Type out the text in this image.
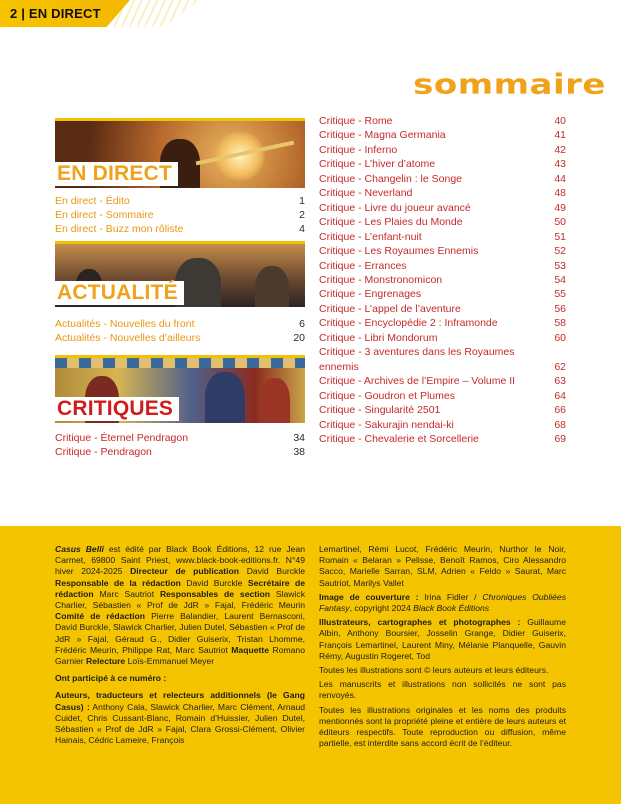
2 | EN DIRECT
sommaire
EN DIRECT
En direct - Édito	1
En direct - Sommaire	2
En direct - Buzz mon rôliste	4
ACTUALITÉ
Actualités - Nouvelles du front	6
Actualités - Nouvelles d’ailleurs	20
CRITIQUES
Critique - Éternel Pendragon	34
Critique - Pendragon	38
Critique - Rome	40
Critique - Magna Germania	41
Critique - Inferno	42
Critique - L’hiver d’atome	43
Critique - Changelin : le Songe	44
Critique - Neverland	48
Critique - Livre du joueur avancé	49
Critique - Les Plaies du Monde	50
Critique - L’enfant-nuit	51
Critique - Les Royaumes Ennemis	52
Critique - Errances	53
Critique - Monstronomicon	54
Critique - Engrenages	55
Critique - L’appel de l’aventure	56
Critique - Encyclopédie 2 : Inframonde	58
Critique - Libri Mondorum	60
Critique - 3 aventures dans les Royaumes ennemis	62
Critique - Archives de l’Empire – Volume II	63
Critique - Goudron et Plumes	64
Critique - Singularité 2501	66
Critique - Sakurajin nendai-ki	68
Critique - Chevalerie et Sorcellerie	69

Casus Belli est édité par Black Book Éditions, 12 rue Jean Carmet, 69800 Saint Priest, www.black-book-editions.fr. N°49 hiver 2024-2025 Directeur de publication David Burckle Responsable de la rédaction David Burckle Secrétaire de rédaction Marc Sautriot Responsables de section Slawick Charlier, Sébastien « Prof de JdR » Fajal, Frédéric Meurin Comité de rédaction Pierre Balandier, Laurent Bernasconi, David Burckle, Slawick Charlier, Julien Dutel, Sébastien « Prof de JdR » Fajal, Géraud G., Didier Guiserix, Tristan Lhomme, Frédéric Meurin, Philippe Rat, Marc Sautriot Maquette Romano Garnier Relecture Loïs-Emmanuel Meyer

Ont participé à ce numéro :

Auteurs, traducteurs et relecteurs additionnels (le Gang Casus) : Anthony Cala, Slawick Charlier, Marc Clément, Arnaud Cuidet, Chris Cussant-Blanc, Romain d’Huissier, Julien Dutel, Sébastien « Prof de JdR » Fajal, Clara Grossi-Clément, Olivier Hainais, Cédric Lameire, François

Lemartinel, Rémi Lucot, Frédéric Meurin, Nurthor le Noir, Romain « Belaran » Pelisse, Benoît Ramos, Ciro Alessandro Sacco, Marielle Sarran, SLM, Adrien « Feldo » Saurat, Marc Sautriot, Marilys Vallet

Image de couverture : Irina Fidler / Chroniques Oubliées Fantasy, copyright 2024 Black Book Éditions

Illustrateurs, cartographes et photographes : Guillaume Albin, Anthony Boursier, Josselin Grange, Didier Guiserix, François Lemartinel, Laurent Miny, Mélanie Planquelle, Gauvin Rémy, Augustin Rogeret, Tod

Toutes les illustrations sont © leurs auteurs et leurs éditeurs.

Les manuscrits et illustrations non sollicités ne sont pas renvoyés.

Toutes les illustrations originales et les noms des produits mentionnés sont la propriété pleine et entière de leurs auteurs et éditeurs respectifs. Toute reproduction ou diffusion, même partielle, est interdite sans accord écrit de l’éditeur.
